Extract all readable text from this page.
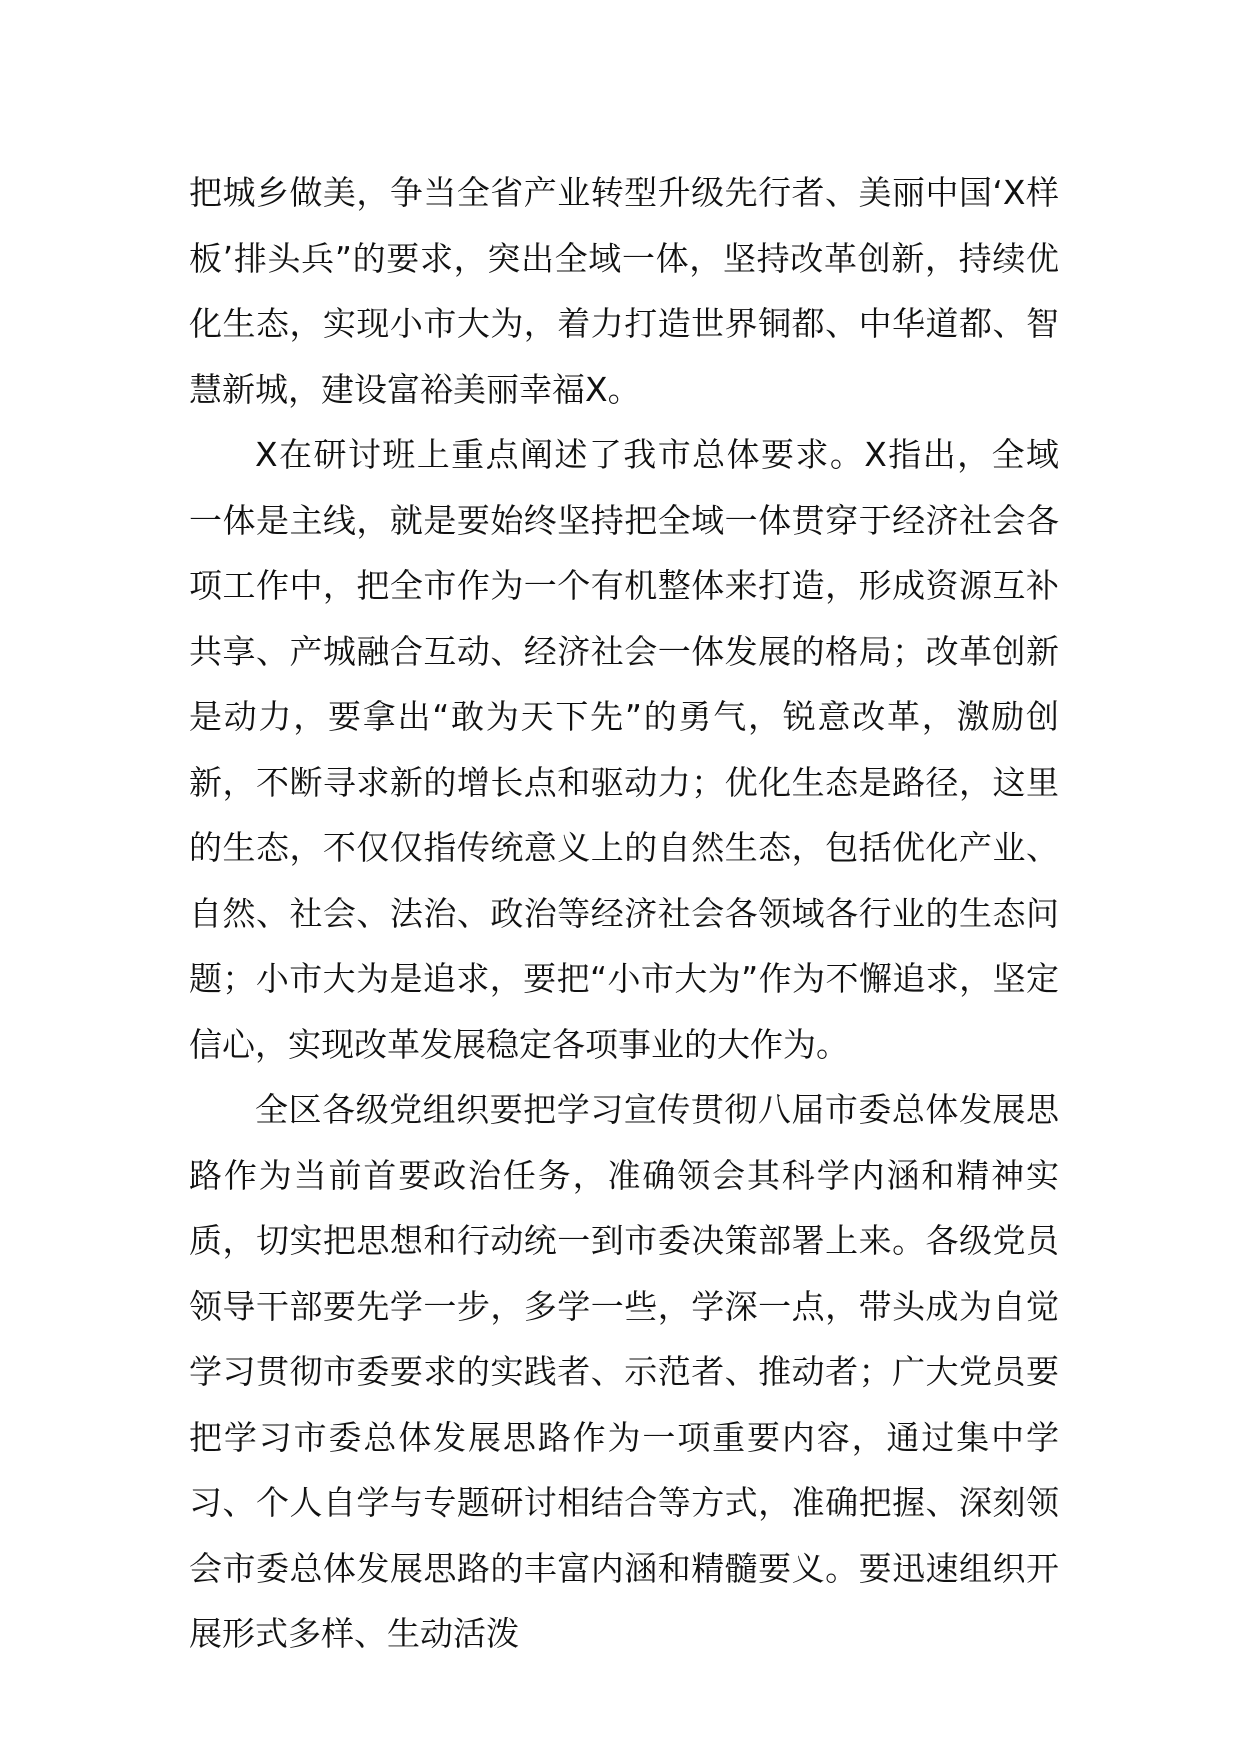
把城乡做美，争当全省产业转型升级先行者、美丽中国‘X样板’排头兵”的要求，突出全域一体，坚持改革创新，持续优化生态，实现小市大为，着力打造世界铜都、中华道都、智慧新城，建设富裕美丽幸福X。

X在研讨班上重点阐述了我市总体要求。X指出，全域一体是主线，就是要始终坚持把全域一体贯穿于经济社会各项工作中，把全市作为一个有机整体来打造，形成资源互补共享、产城融合互动、经济社会一体发展的格局；改革创新是动力，要拿出“敢为天下先”的勇气，锐意改革，激励创新，不断寻求新的增长点和驱动力；优化生态是路径，这里的生态，不仅仅指传统意义上的自然生态，包括优化产业、自然、社会、法治、政治等经济社会各领域各行业的生态问题；小市大为是追求，要把“小市大为”作为不懈追求，坚定信心，实现改革发展稳定各项事业的大作为。

全区各级党组织要把学习宣传贯彻八届市委总体发展思路作为当前首要政治任务，准确领会其科学内涵和精神实质，切实把思想和行动统一到市委决策部署上来。各级党员领导干部要先学一步，多学一些，学深一点，带头成为自觉学习贯彻市委要求的实践者、示范者、推动者；广大党员要把学习市委总体发展思路作为一项重要内容，通过集中学习、个人自学与专题研讨相结合等方式，准确把握、深刻领会市委总体发展思路的丰富内涵和精髓要义。要迅速组织开展形式多样、生动活泼
